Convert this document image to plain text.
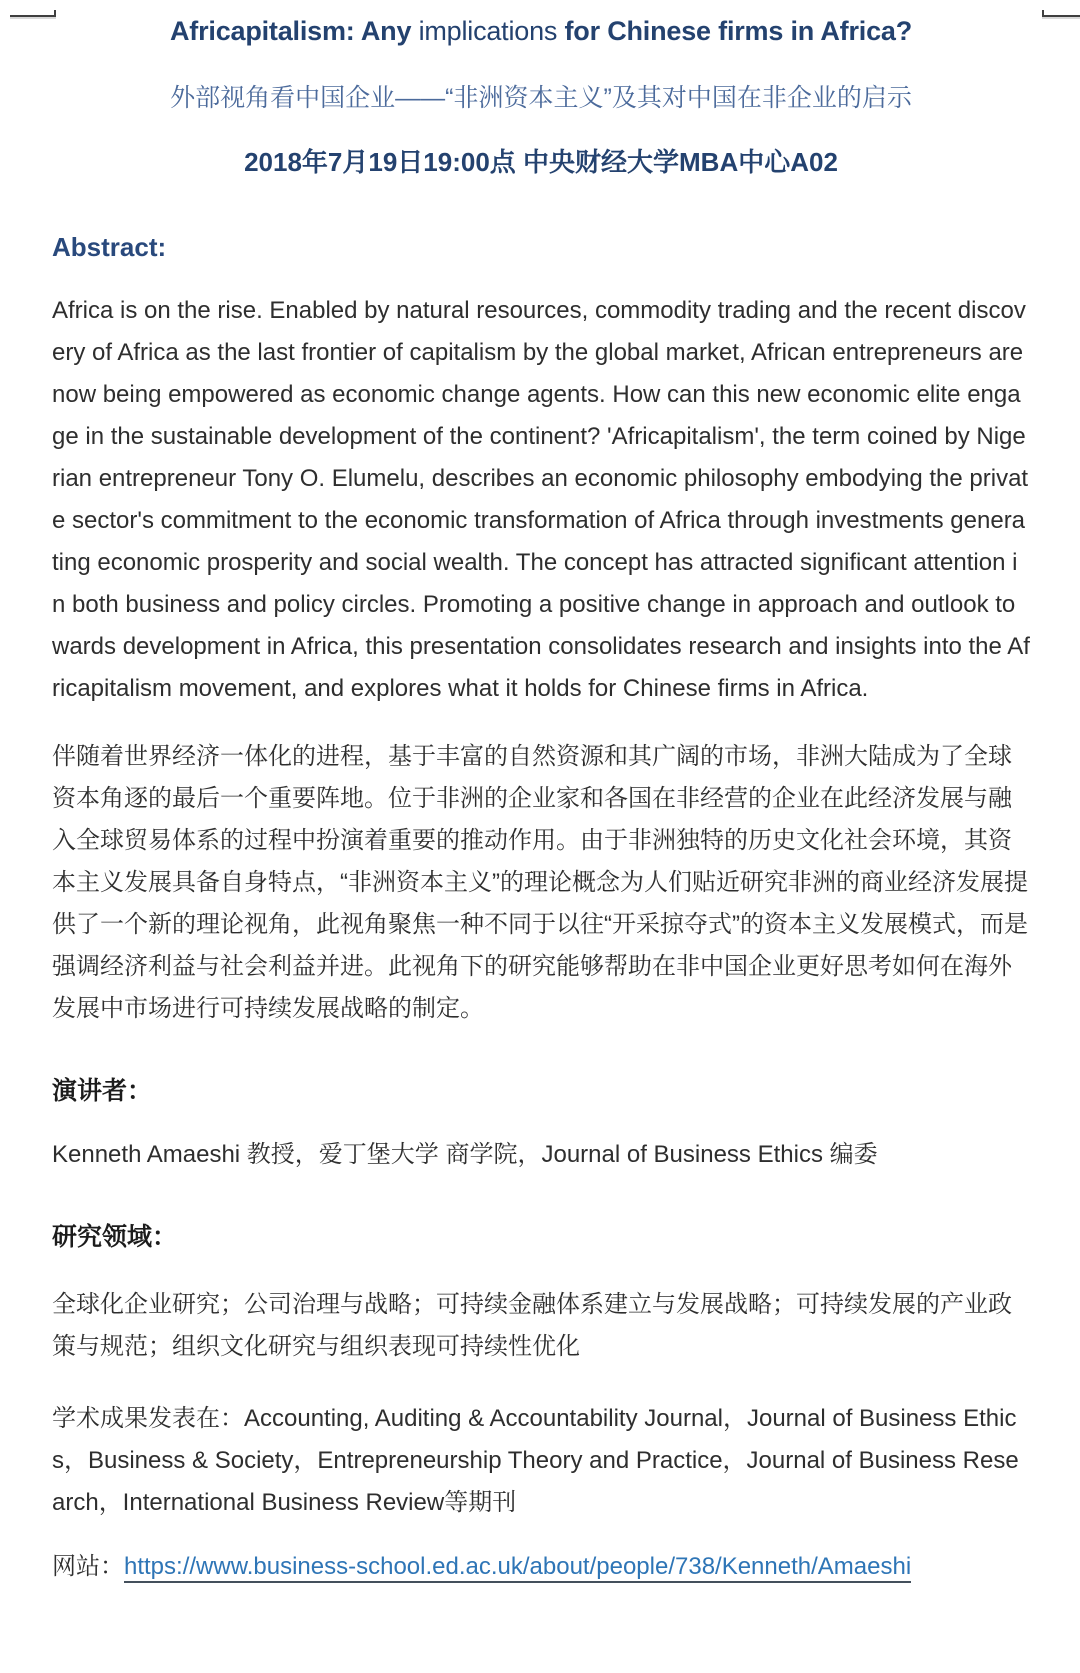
Africapitalism: Any implications for Chinese firms in Africa?
外部视角看中国企业——“非洲资本主义”及其对中国在非企业的启示
2018年7月19日19:00点 中央财经大学MBA中心A02
Abstract:

Africa is on the rise. Enabled by natural resources, commodity trading and the recent discovery of Africa as the last frontier of capitalism by the global market, African entrepreneurs are now being empowered as economic change agents. How can this new economic elite engage in the sustainable development of the continent? 'Africapitalism', the term coined by Nigerian entrepreneur Tony O. Elumelu, describes an economic philosophy embodying the private sector's commitment to the economic transformation of Africa through investments generating economic prosperity and social wealth. The concept has attracted significant attention in both business and policy circles. Promoting a positive change in approach and outlook towards development in Africa, this presentation consolidates research and insights into the Africapitalism movement, and explores what it holds for Chinese firms in Africa.

伴随着世界经济一体化的进程，基于丰富的自然资源和其广阔的市场，非洲大陆成为了全球资本角逐的最后一个重要阵地。位于非洲的企业家和各国在非经营的企业在此经济发展与融入全球贸易体系的过程中扮演着重要的推动作用。由于非洲独特的历史文化社会环境，其资本主义发展具备自身特点，“非洲资本主义”的理论概念为人们贴近研究非洲的商业经济发展提供了一个新的理论视角，此视角聚焦一种不同于以往“开采掠夺式”的资本主义发展模式，而是强调经济利益与社会利益并进。此视角下的研究能够帮助在非中国企业更好思考如何在海外发展中市场进行可持续发展战略的制定。

演讲者：

Kenneth Amaeshi 教授，爱丁堡大学 商学院，Journal of Business Ethics 编委

研究领域：

全球化企业研究；公司治理与战略；可持续金融体系建立与发展战略；可持续发展的产业政策与规范；组织文化研究与组织表现可持续性优化

学术成果发表在：Accounting, Auditing & Accountability Journal，Journal of Business Ethics，Business & Society，Entrepreneurship Theory and Practice，Journal of Business Research，International Business Review等期刊

网站：https://www.business-school.ed.ac.uk/about/people/738/Kenneth/Amaeshi
